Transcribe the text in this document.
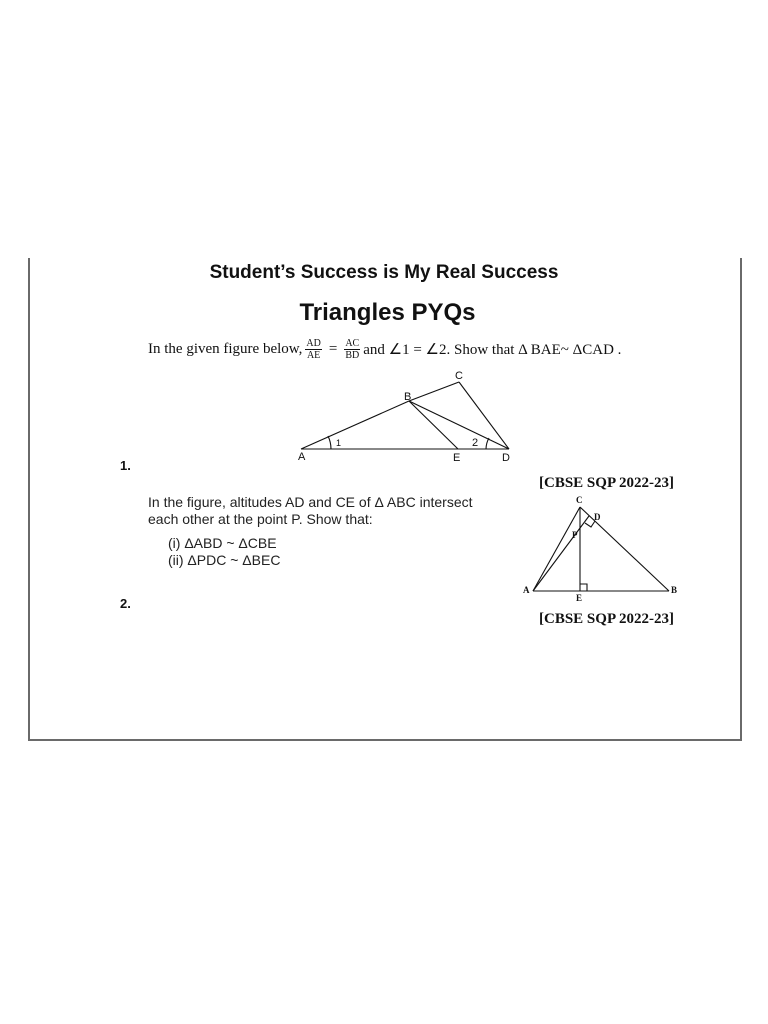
Student’s Success is My Real Success
Triangles PYQs
In the given figure below, $\frac{AD}{AE} = \frac{AC}{BD}$ and ∠1 = ∠2. Show that Δ BAE~ ΔCAD .
1.
[CBSE SQP 2022-23]
A
B
C
D
E
1	2
In the figure, altitudes AD and CE of Δ ABC intersect
each other at the point P. Show that:
(i) ΔABD ~ ΔCBE
(ii) ΔPDC ~ ΔBEC
2.
[CBSE SQP 2022-23]
C
D
P
A	B
E
